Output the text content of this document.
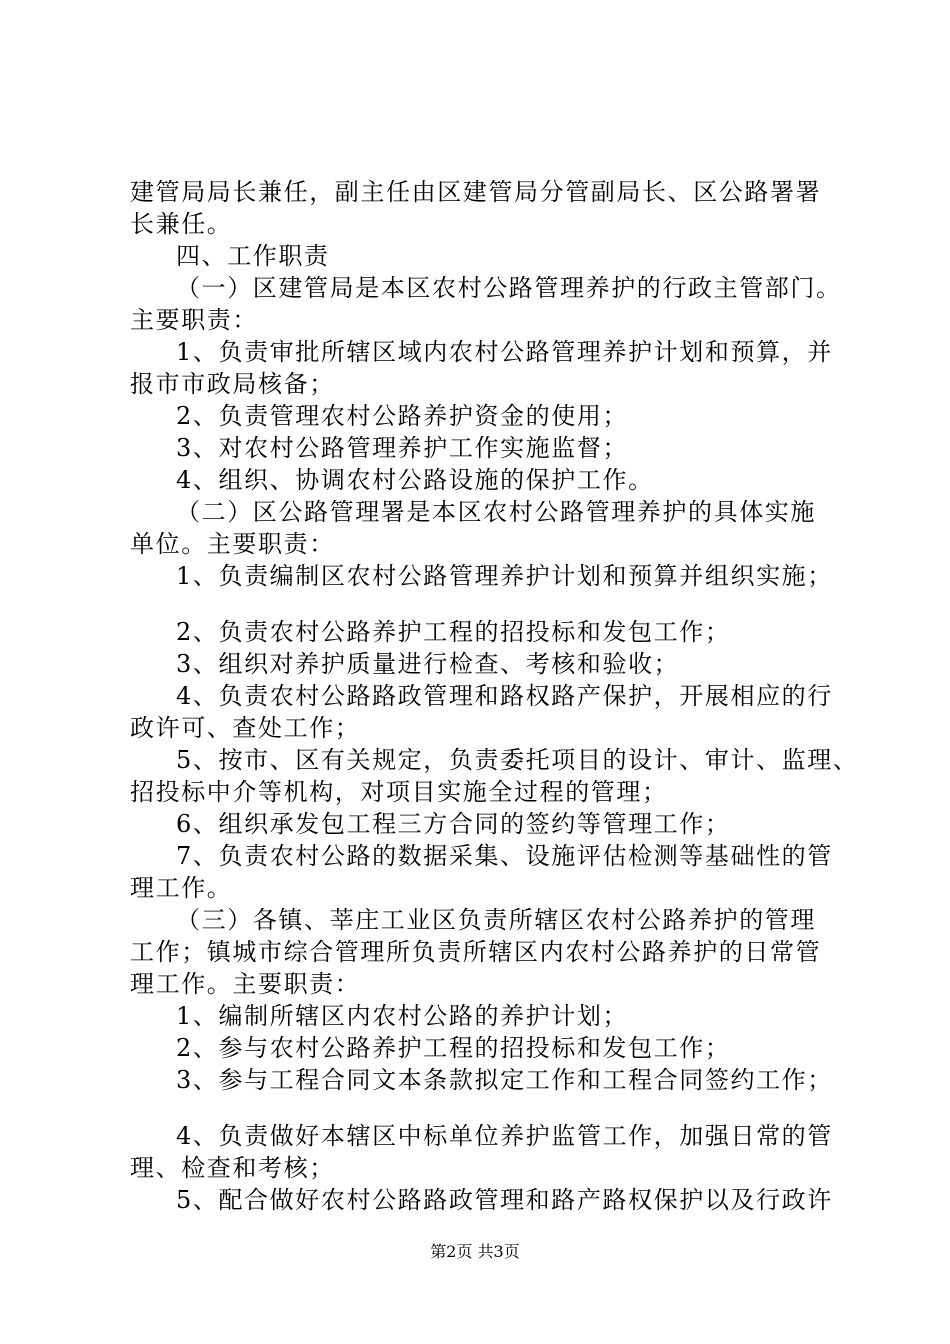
建管局局长兼任，副主任由区建管局分管副局长、区公路署署
长兼任。
四、工作职责
（一）区建管局是本区农村公路管理养护的行政主管部门。
主要职责：
1、负责审批所辖区域内农村公路管理养护计划和预算，并
报市市政局核备；
2、负责管理农村公路养护资金的使用；
3、对农村公路管理养护工作实施监督；
4、组织、协调农村公路设施的保护工作。
（二）区公路管理署是本区农村公路管理养护的具体实施
单位。主要职责：
1、负责编制区农村公路管理养护计划和预算并组织实施；
2、负责农村公路养护工程的招投标和发包工作；
3、组织对养护质量进行检查、考核和验收；
4、负责农村公路路政管理和路权路产保护，开展相应的行
政许可、查处工作；
5、按市、区有关规定，负责委托项目的设计、审计、监理、
招投标中介等机构，对项目实施全过程的管理；
6、组织承发包工程三方合同的签约等管理工作；
7、负责农村公路的数据采集、设施评估检测等基础性的管
理工作。
（三）各镇、莘庄工业区负责所辖区农村公路养护的管理
工作；镇城市综合管理所负责所辖区内农村公路养护的日常管
理工作。主要职责：
1、编制所辖区内农村公路的养护计划；
2、参与农村公路养护工程的招投标和发包工作；
3、参与工程合同文本条款拟定工作和工程合同签约工作；
4、负责做好本辖区中标单位养护监管工作，加强日常的管
理、检查和考核；
5、配合做好农村公路路政管理和路产路权保护以及行政许
第2页 共3页
